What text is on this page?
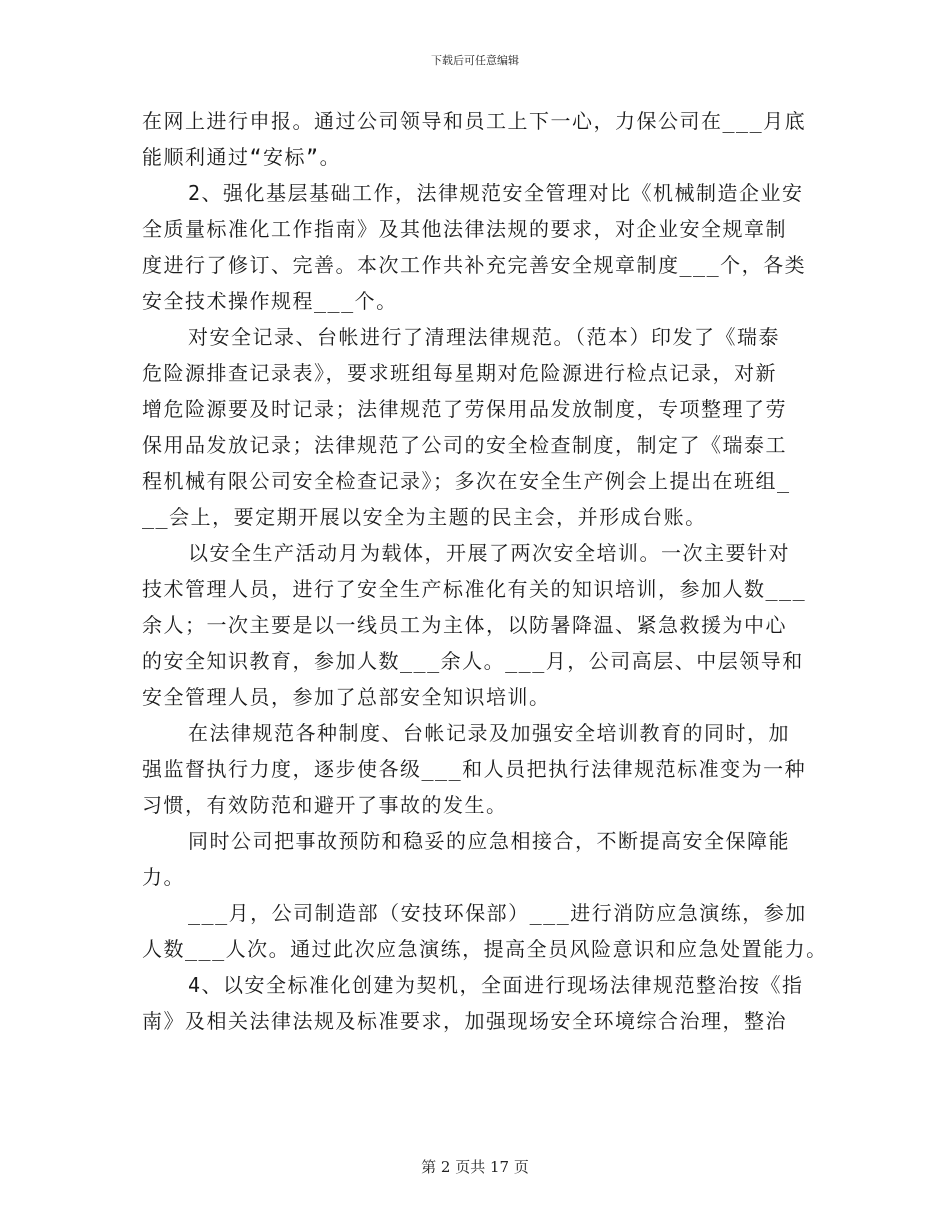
下载后可任意编辑
在网上进行申报。通过公司领导和员工上下一心，力保公司在___月底
能顺利通过“安标”。
2、强化基层基础工作，法律规范安全管理对比《机械制造企业安
全质量标准化工作指南》及其他法律法规的要求，对企业安全规章制
度进行了修订、完善。本次工作共补充完善安全规章制度___个，各类
安全技术操作规程___个。
对安全记录、台帐进行了清理法律规范。（范本）印发了《瑞泰
危险源排查记录表》，要求班组每星期对危险源进行检点记录，对新
增危险源要及时记录；法律规范了劳保用品发放制度，专项整理了劳
保用品发放记录；法律规范了公司的安全检查制度，制定了《瑞泰工
程机械有限公司安全检查记录》；多次在安全生产例会上提出在班组_
__会上，要定期开展以安全为主题的民主会，并形成台账。
以安全生产活动月为载体，开展了两次安全培训。一次主要针对
技术管理人员，进行了安全生产标准化有关的知识培训，参加人数___
余人；一次主要是以一线员工为主体，以防暑降温、紧急救援为中心
的安全知识教育，参加人数___余人。___月，公司高层、中层领导和
安全管理人员，参加了总部安全知识培训。
在法律规范各种制度、台帐记录及加强安全培训教育的同时，加
强监督执行力度，逐步使各级___和人员把执行法律规范标准变为一种
习惯，有效防范和避开了事故的发生。
同时公司把事故预防和稳妥的应急相接合，不断提高安全保障能
力。
___月，公司制造部（安技环保部）___进行消防应急演练，参加
人数___人次。通过此次应急演练，提高全员风险意识和应急处置能力。
4、以安全标准化创建为契机，全面进行现场法律规范整治按《指
南》及相关法律法规及标准要求，加强现场安全环境综合治理，整治
第 2 页共 17 页
